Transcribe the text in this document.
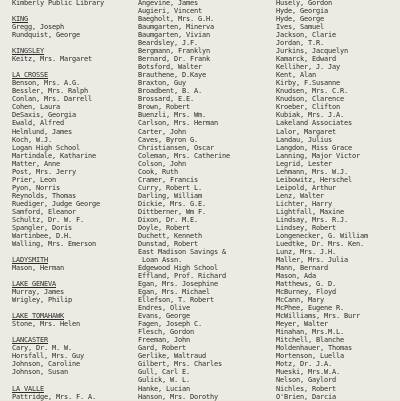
Kimberly Public Library
KING
Gregg, Joseph
Rundquist, George
KINGSLEY
Keitz, Mrs. Margaret
LA CROSSE
Benson, Mrs. A.G.
Bessler, Mrs. Ralph
Conlan, Mrs. Darrell
Cohen, Laura
DeSaxis, Georgia
Ewald, Alfred
Helmlund, James
Koch, W.J.
Logan High School
Martindale, Katharine
Matter, Anne
Post, Mrs. Jerry
Prier, Leon
Pyon, Norris
Reynolds, Thomas
Ruediger, Judge George
Samford, Eleanor
Schultz, Dr. W. F.
Spangler, Doris
Wartinbee, D.H.
Walling, Mrs. Emerson
LADYSMITH
Mason, Herman
LAKE GENEVA
Murray, James
Wrigley, Philip
LAKE TOMAHAWK
Stone, Mrs. Helen
LANCASTER
Cary, Dr. M. W.
Horsfall, Mrs. Guy
Johnson, Caroline
Johnson, Susan
LA VALLE
Pattridge, Mrs. F. A.
Angevine, James
Augieri, Vincent
Baegholt, Mrs. G.H.
Baumgarten, Minerva
Baumgarten, Vivian
Beardsley, J.F.
Bergmann, Franklyn
Bernard, Dr. Frank
Botsford, Walter
Brauthene, D.Kaye
Braxton, Guy
Broadbent, B. A.
Brossard, E.E.
Brown, Robert
Buenzli, Mrs. Wm.
Carlson, Mrs. Herman
Carter, John
Caves, Byron G.
Christiansen, Oscar
Coleman, Mrs. Catherine
Colson, John
Cook, Ruth
Cramer, Francis
Curry, Robert L.
Darling, William
Dickie, Mrs. G.E.
Dittberner, Wm F.
Dixon, Dr. M.E.
Doyle, Robert
Duchett, Kenneth
Dunstad, Robert
East Madison Savings &
Loan Assn.
Edgewood High School
Effland, Prof. Richard
Egan, Mrs. Josephine
Egan, Mrs. Michael
Ellefson, T. Robert
Endres, Olive
Evans, George
Fagen, Joseph C.
Flesch, Gordon
Freeman, John
Gard, Robert
Gerlike, Waltraud
Gilbert, Mrs. Charles
Gull, Carl E.
Gulick, W. L.
Hanke, Lucian
Hanson, Mrs. Dorothy
Husely, Gordon
Hyde, Georgia
Hyde, George
Ives, Samuel
Jackson, Clarie
Jordan, T.R.
Jurkins, Jacquelyn
Kamarck, Edward
Kelliher, J. Jay
Kent, Alan
Kirby, F.Susanne
Knudsen, Mrs. C.R.
Knudson, Clarence
Kroeber, Clifton
Kubiak, Mrs. J.A.
Lakeland Associates
Lalor, Margaret
Landau, Julius
Langdon, Miss Grace
Lanning, Major Victor
Legrid, Lester
Lehmann, Mrs. W.J.
Leibowitz, Herschel
Leipold, Arthur
Lenz, Walter
Lichter, Harry
Lightfall, Maxine
Lindsay, Mrs. R.J.
Lindsey, Robert
Longenecker, G. William
Luedtke, Dr. Mrs. Ken.
Lunz, Mrs. J.H.
Maller, Mrs. Julia
Mann, Bernard
Mason, Ada
Matthews, G. D.
McBurney, Floyd
McCann, Mary
McPhee, Eugene R.
McWilliams, Mrs. Burr
Meyer, Walter
Minahan, Mrs.M.L.
Mitchell, Blanche
Moldenhauer, Thomas
Mortenson, Luella
Motz, Dr. J.A.
Mueski, Mrs.W.A.
Nelson, Gaylord
Nichles, Robert
O'Brien, Darcia
